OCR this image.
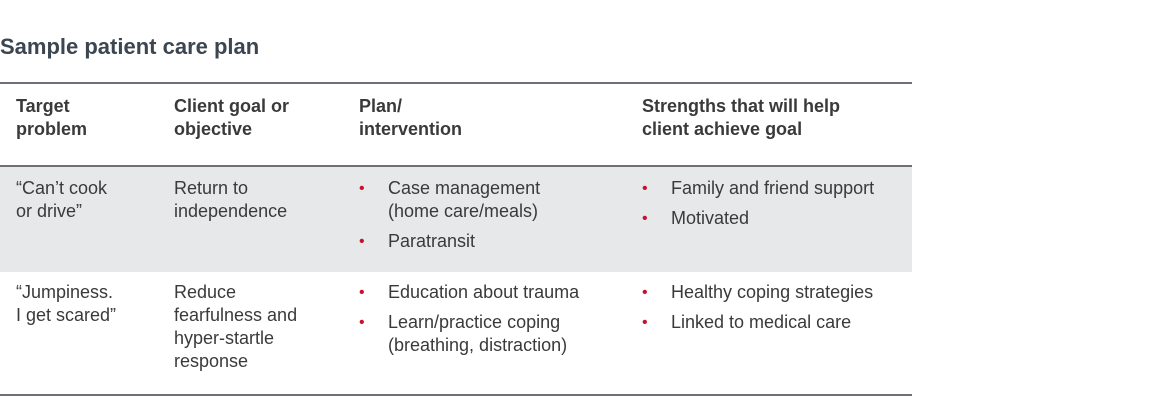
Sample patient care plan
Target
problem
Client goal or
objective
Plan/
intervention
Strengths that will help
client achieve goal
“Can’t cook
or drive”
Return to
independence
• Case management
(home care/meals)
• Paratransit
• Family and friend support
• Motivated
“Jumpiness.
I get scared”
Reduce
fearfulness and
hyper-startle
response
• Education about trauma
• Learn/practice coping
(breathing, distraction)
• Healthy coping strategies
• Linked to medical care
